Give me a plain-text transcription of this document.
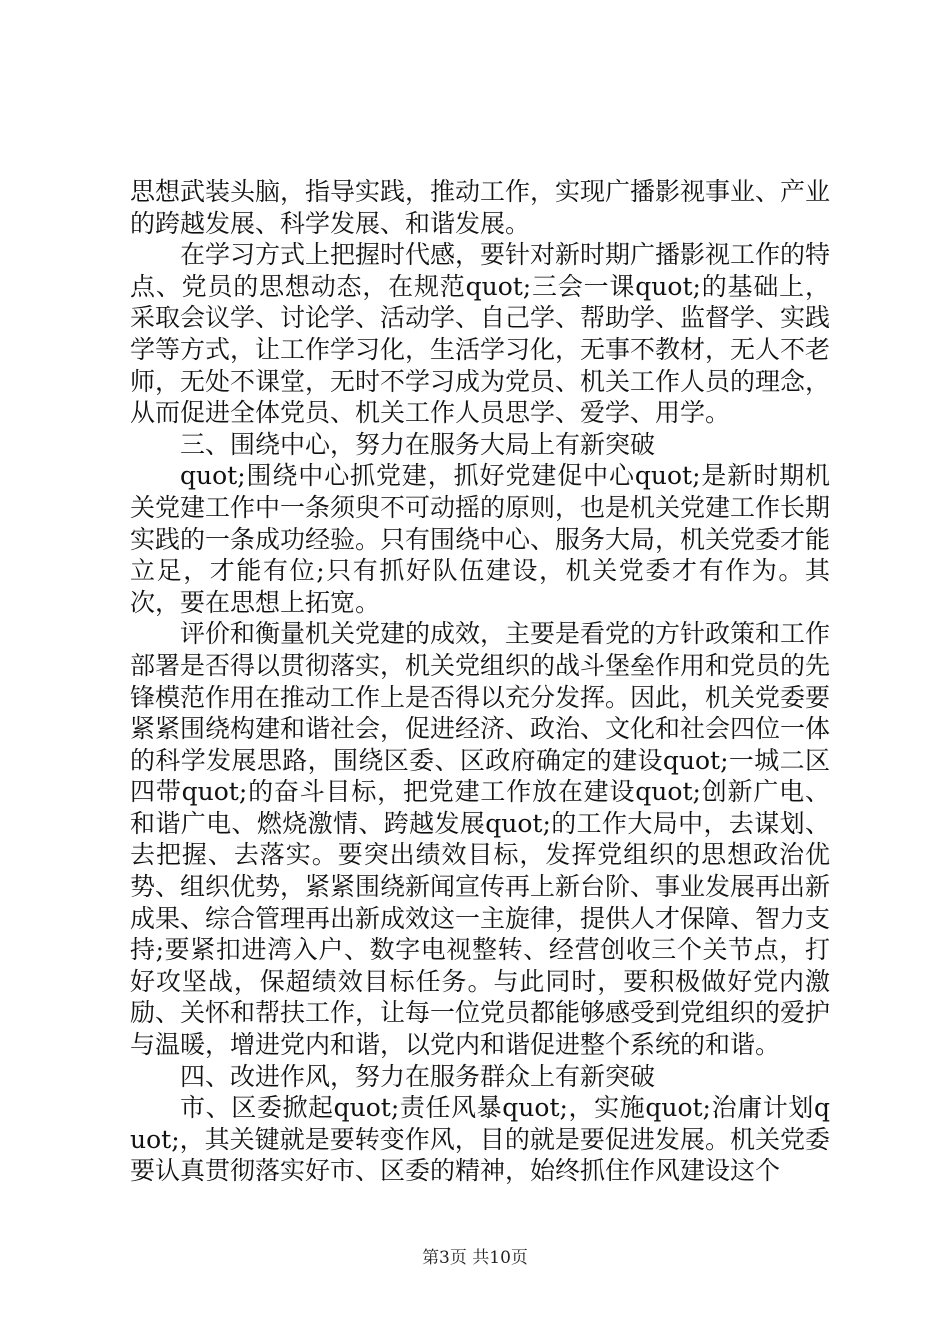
思想武装头脑，指导实践，推动工作，实现广播影视事业、产业的跨越发展、科学发展、和谐发展。

在学习方式上把握时代感，要针对新时期广播影视工作的特点、党员的思想动态，在规范quot;三会一课quot;的基础上，采取会议学、讨论学、活动学、自己学、帮助学、监督学、实践学等方式，让工作学习化，生活学习化，无事不教材，无人不老师，无处不课堂，无时不学习成为党员、机关工作人员的理念，从而促进全体党员、机关工作人员思学、爱学、用学。

三、围绕中心，努力在服务大局上有新突破

quot;围绕中心抓党建，抓好党建促中心quot;是新时期机关党建工作中一条须臾不可动摇的原则，也是机关党建工作长期实践的一条成功经验。只有围绕中心、服务大局，机关党委才能立足，才能有位;只有抓好队伍建设，机关党委才有作为。其次，要在思想上拓宽。

评价和衡量机关党建的成效，主要是看党的方针政策和工作部署是否得以贯彻落实，机关党组织的战斗堡垒作用和党员的先锋模范作用在推动工作上是否得以充分发挥。因此，机关党委要紧紧围绕构建和谐社会，促进经济、政治、文化和社会四位一体的科学发展思路，围绕区委、区政府确定的建设quot;一城二区四带quot;的奋斗目标，把党建工作放在建设quot;创新广电、和谐广电、燃烧激情、跨越发展quot;的工作大局中，去谋划、去把握、去落实。要突出绩效目标，发挥党组织的思想政治优势、组织优势，紧紧围绕新闻宣传再上新台阶、事业发展再出新成果、综合管理再出新成效这一主旋律，提供人才保障、智力支持;要紧扣进湾入户、数字电视整转、经营创收三个关节点，打好攻坚战，保超绩效目标任务。与此同时，要积极做好党内激励、关怀和帮扶工作，让每一位党员都能够感受到党组织的爱护与温暖，增进党内和谐，以党内和谐促进整个系统的和谐。

四、改进作风，努力在服务群众上有新突破

市、区委掀起quot;责任风暴quot;，实施quot;治庸计划quot;，其关键就是要转变作风，目的就是要促进发展。机关党委要认真贯彻落实好市、区委的精神，始终抓住作风建设这个

第3页 共10页
